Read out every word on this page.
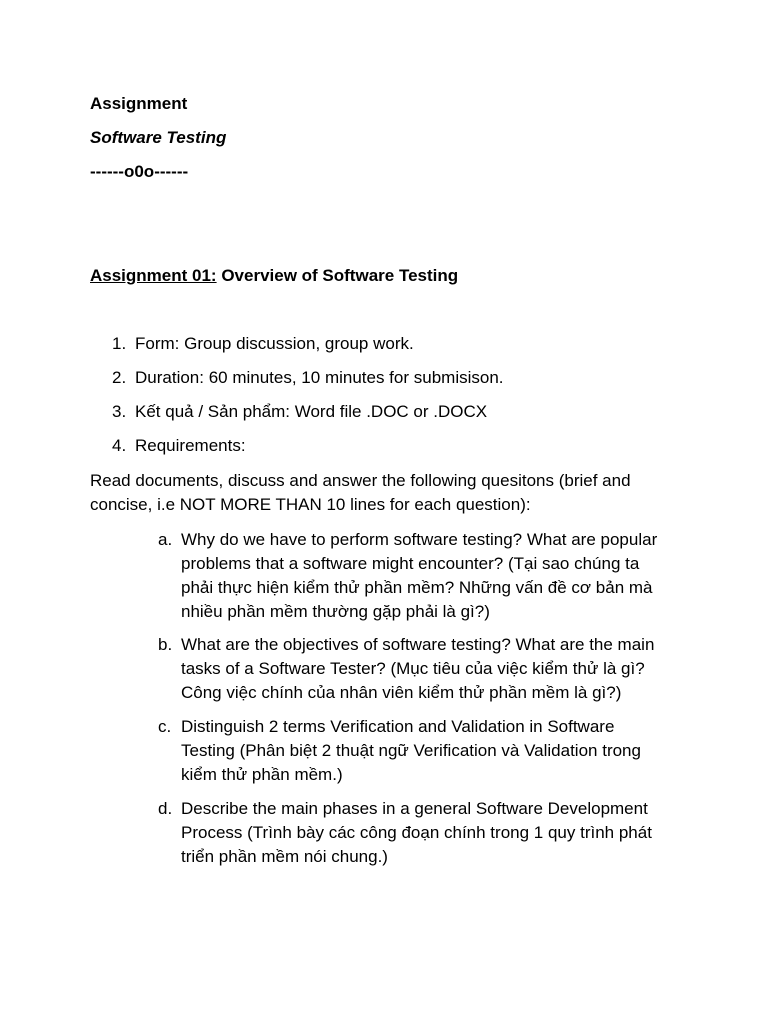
Assignment
Software Testing
------o0o------
Assignment 01: Overview of Software Testing
1. Form: Group discussion, group work.
2. Duration: 60 minutes, 10 minutes for submisison.
3. Kết quả / Sản phẩm: Word file .DOC or .DOCX
4. Requirements:
Read documents, discuss and answer the following quesitons (brief and concise, i.e NOT MORE THAN 10 lines for each question):
a. Why do we have to perform software testing? What are popular
problems that a software might encounter? (Tại sao chúng ta
phải thực hiện kiểm thử phần mềm? Những vấn đề cơ bản mà
nhiều phần mềm thường gặp phải là gì?)
b. What are the objectives of software testing? What are the main
tasks of a Software Tester? (Mục tiêu của việc kiểm thử là gì?
Công việc chính của nhân viên kiểm thử phần mềm là gì?)
c. Distinguish 2 terms Verification and Validation in Software
Testing (Phân biệt 2 thuật ngữ Verification và Validation trong
kiểm thử phần mềm.)
d. Describe the main phases in a general Software Development
Process (Trình bày các công đoạn chính trong 1 quy trình phát
triển phần mềm nói chung.)
